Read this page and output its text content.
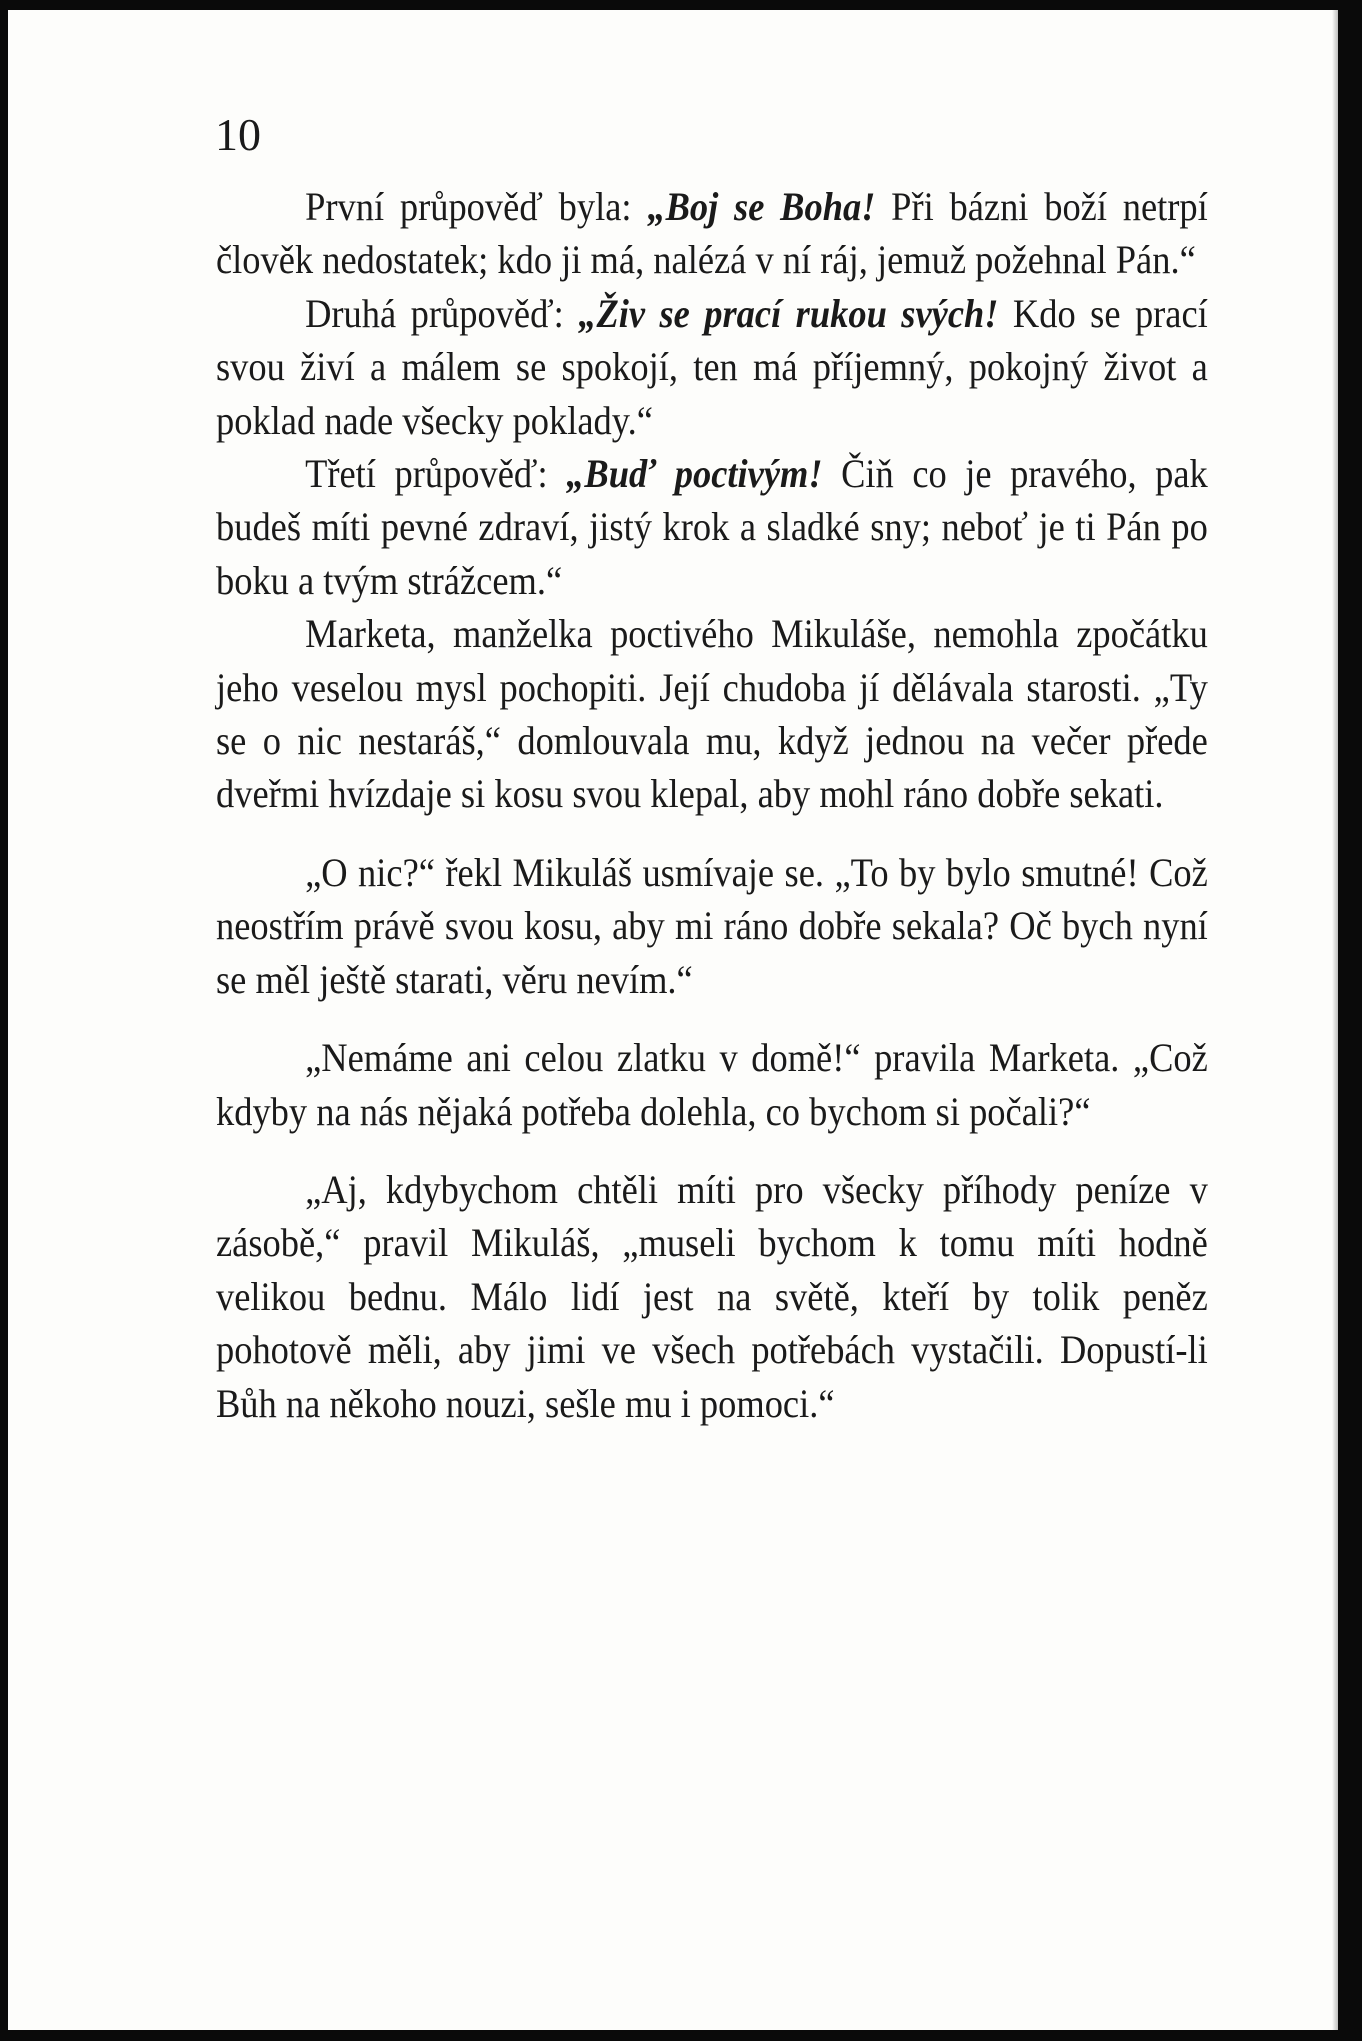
10

První průpověď byla: „Boj se Boha! Při bázni boží netrpí člověk nedostatek; kdo ji má, nalézá v ní ráj, jemuž požehnal Pán.“

Druhá průpověď: „Živ se prací rukou svých! Kdo se prací svou živí a málem se spokojí, ten má příjemný, pokojný život a poklad nade všecky poklady.“

Třetí průpověď: „Buď poctivým! Čiň co je pravého, pak budeš míti pevné zdraví, jistý krok a sladké sny; neboť je ti Pán po boku a tvým strážcem.“

Marketa, manželka poctivého Mikuláše, nemohla zpočátku jeho veselou mysl pochopiti. Její chudoba jí dělávala starosti. „Ty se o nic nestaráš,“ domlouvala mu, když jednou na večer přede dveřmi hvízdaje si kosu svou klepal, aby mohl ráno dobře sekati.

„O nic?“ řekl Mikuláš usmívaje se. „To by bylo smutné! Což neostřím právě svou kosu, aby mi ráno dobře sekala? Oč bych nyní se měl ještě starati, věru nevím.“

„Nemáme ani celou zlatku v domě!“ pravila Marketa. „Což kdyby na nás nějaká potřeba dolehla, co bychom si počali?“

„Aj, kdybychom chtěli míti pro všecky příhody peníze v zásobě,“ pravil Mikuláš, „museli bychom k tomu míti hodně velikou bednu. Málo lidí jest na světě, kteří by tolik peněz pohotově měli, aby jimi ve všech potřebách vystačili. Dopustí-li Bůh na někoho nouzi, sešle mu i pomoci.“
